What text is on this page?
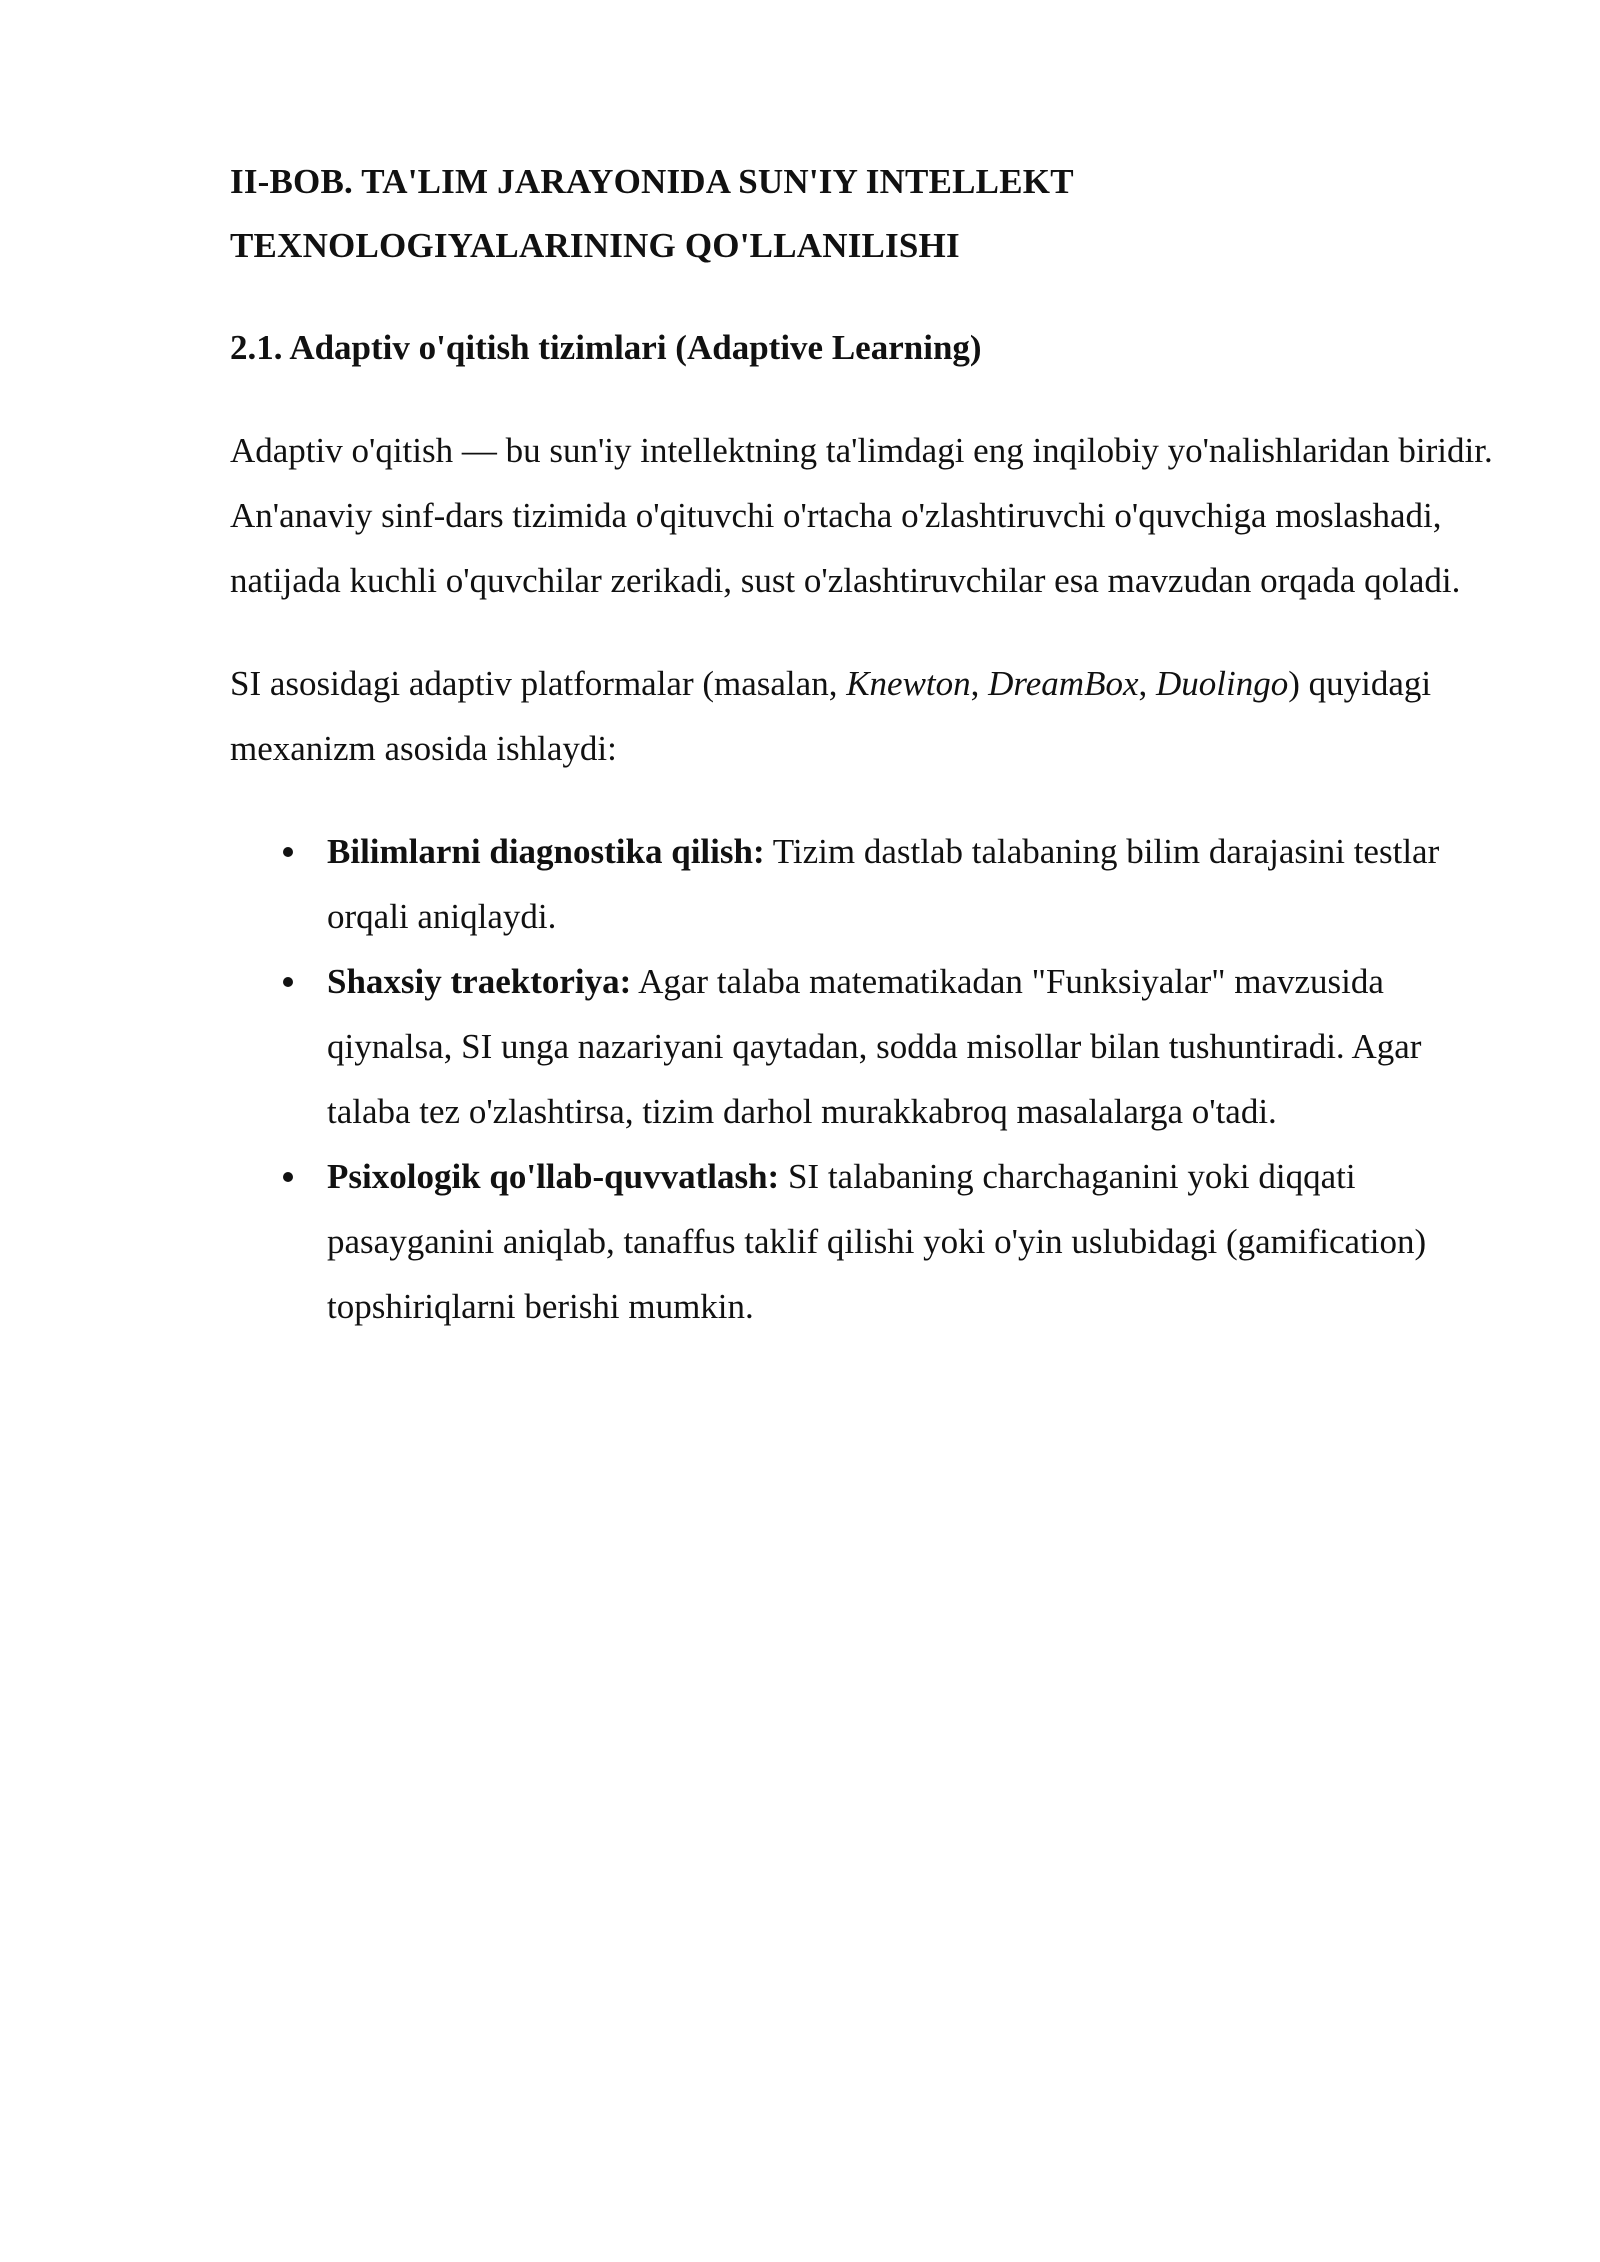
II-BOB. TA'LIM JARAYONIDA SUN'IY INTELLEKT
TEXNOLOGIYALARINING QO'LLANILISHI
2.1. Adaptiv o'qitish tizimlari (Adaptive Learning)

Adaptiv o'qitish — bu sun'iy intellektning ta'limdagi eng inqilobiy yo'nalishlaridan biridir. An'anaviy sinf-dars tizimida o'qituvchi o'rtacha o'zlashtiruvchi o'quvchiga moslashadi, natijada kuchli o'quvchilar zerikadi, sust o'zlashtiruvchilar esa mavzudan orqada qoladi.

SI asosidagi adaptiv platformalar (masalan, Knewton, DreamBox, Duolingo) quyidagi mexanizm asosida ishlaydi:

Bilimlarni diagnostika qilish: Tizim dastlab talabaning bilim darajasini testlar orqali aniqlaydi.
Shaxsiy traektoriya: Agar talaba matematikadan "Funksiyalar" mavzusida qiynalsa, SI unga nazariyani qaytadan, sodda misollar bilan tushuntiradi. Agar talaba tez o'zlashtirsa, tizim darhol murakkabroq masalalarga o'tadi.
Psixologik qo'llab-quvvatlash: SI talabaning charchaganini yoki diqqati pasayganini aniqlab, tanaffus taklif qilishi yoki o'yin uslubidagi (gamification) topshiriqlarni berishi mumkin.
